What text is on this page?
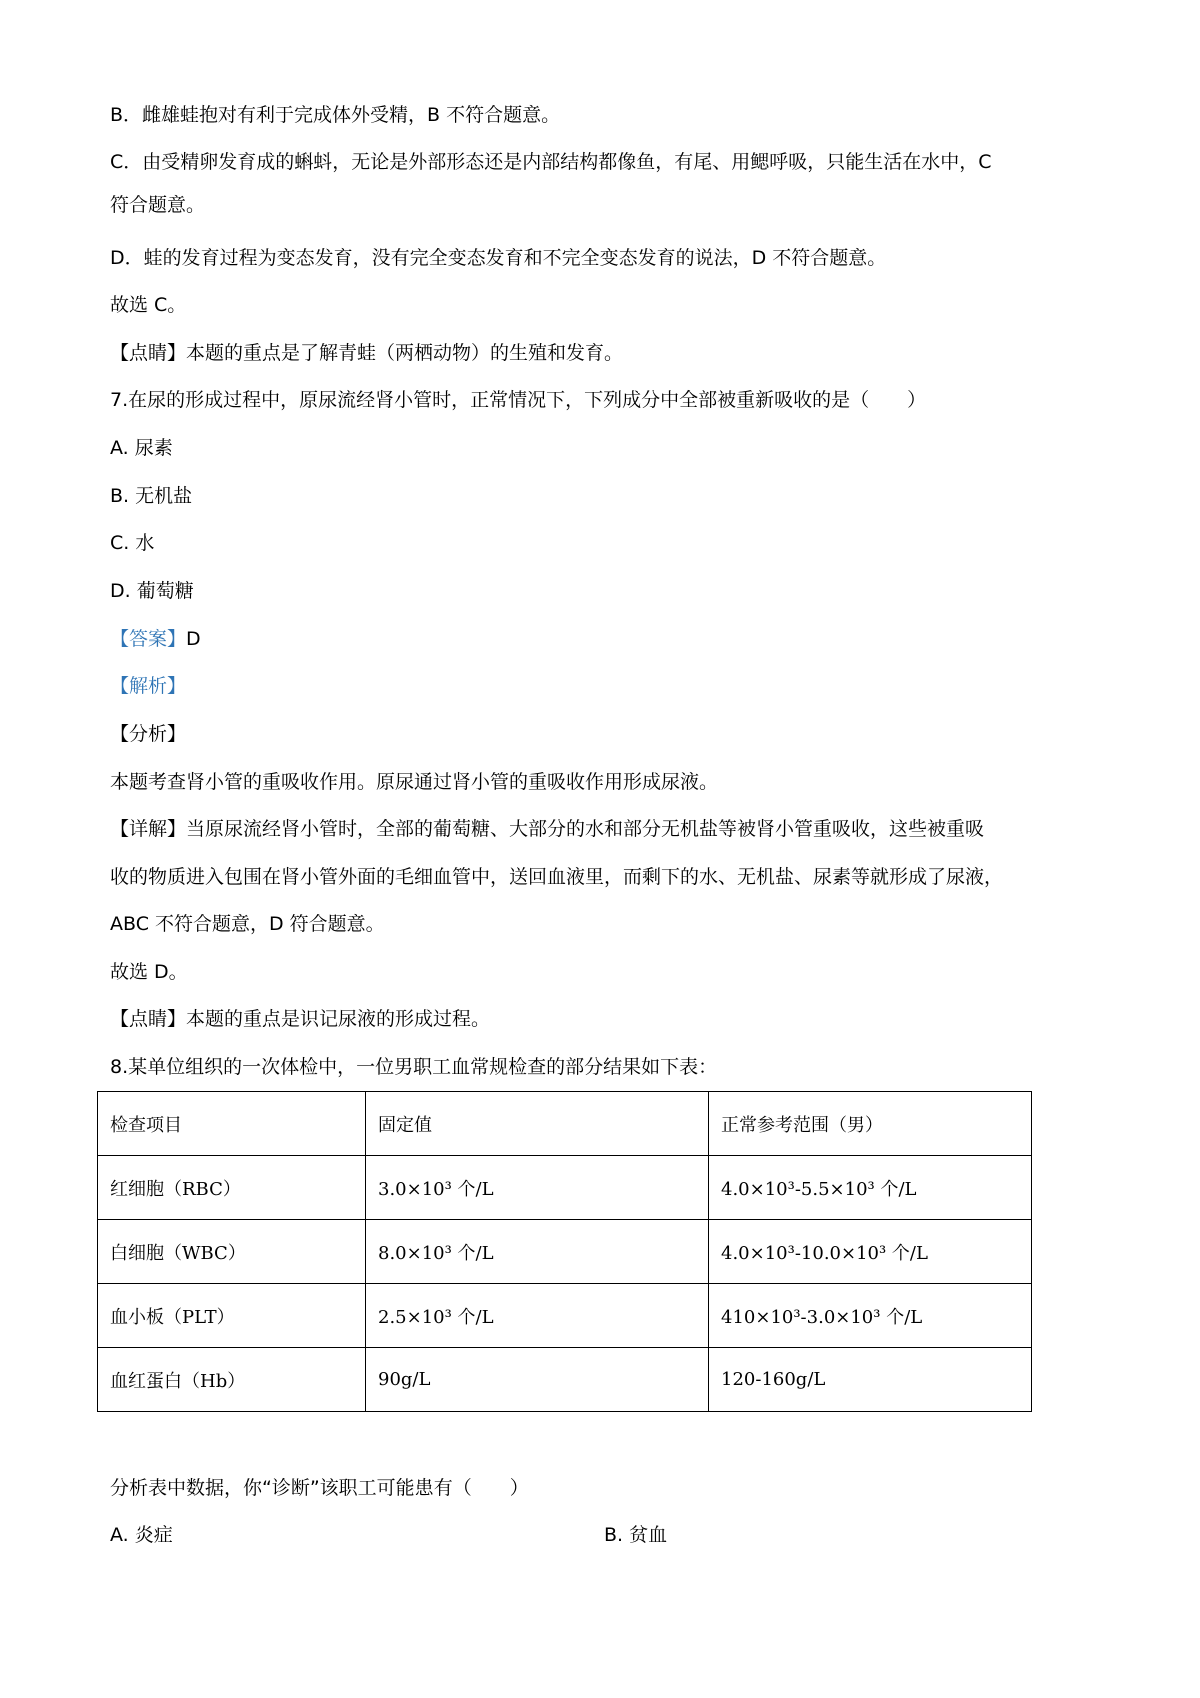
B．雌雄蛙抱对有利于完成体外受精，B 不符合题意。
C．由受精卵发育成的蝌蚪，无论是外部形态还是内部结构都像鱼，有尾、用鳃呼吸，只能生活在水中，C
符合题意。
D．蛙的发育过程为变态发育，没有完全变态发育和不完全变态发育的说法，D 不符合题意。
故选 C。
【点睛】本题的重点是了解青蛙（两栖动物）的生殖和发育。
7.在尿的形成过程中，原尿流经肾小管时，正常情况下，下列成分中全部被重新吸收的是（　　）
A. 尿素
B. 无机盐
C. 水
D. 葡萄糖
【答案】D
【解析】
【分析】
本题考查肾小管的重吸收作用。原尿通过肾小管的重吸收作用形成尿液。
【详解】当原尿流经肾小管时，全部的葡萄糖、大部分的水和部分无机盐等被肾小管重吸收，这些被重吸
收的物质进入包围在肾小管外面的毛细血管中，送回血液里，而剩下的水、无机盐、尿素等就形成了尿液，
ABC 不符合题意，D 符合题意。
故选 D。
【点睛】本题的重点是识记尿液的形成过程。
8.某单位组织的一次体检中，一位男职工血常规检查的部分结果如下表：
检查项目	固定值	正常参考范围（男）
红细胞（RBC）	3.0×10³ 个/L	4.0×10³-5.5×10³ 个/L
白细胞（WBC）	8.0×10³ 个/L	4.0×10³-10.0×10³ 个/L
血小板（PLT）	2.5×10³ 个/L	410×10³-3.0×10³ 个/L
血红蛋白（Hb）	90g/L	120-160g/L
分析表中数据，你“诊断”该职工可能患有（　　）
A. 炎症	B. 贫血
